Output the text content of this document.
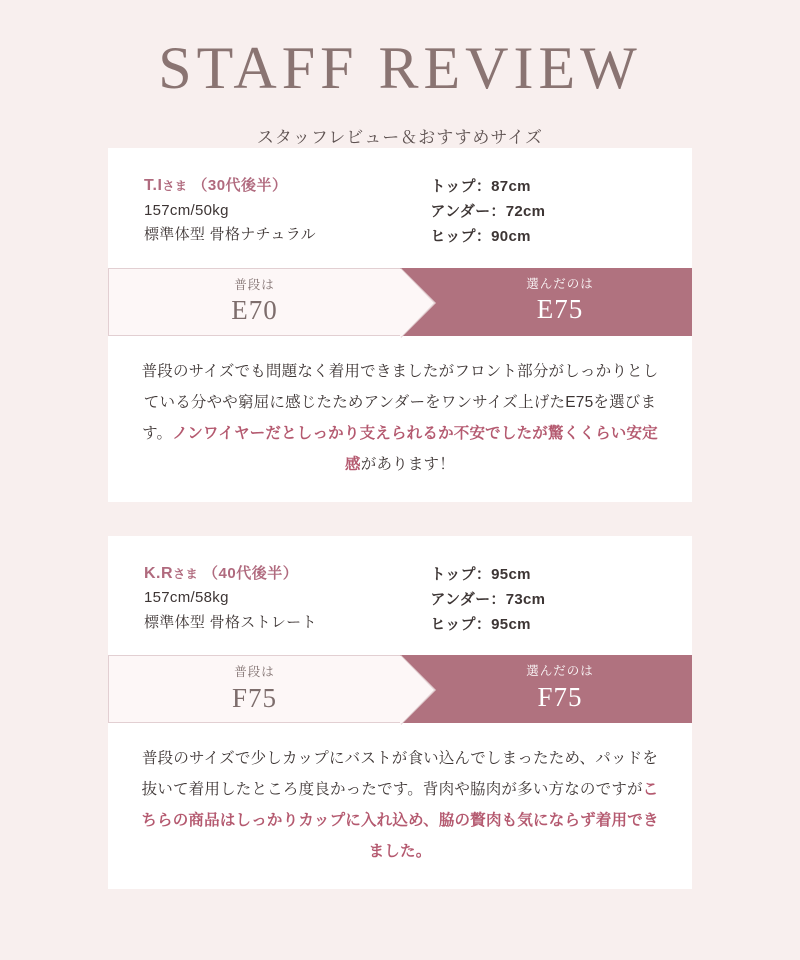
STAFF REVIEW
スタッフレビュー＆おすすめサイズ
T.Iさま （30代後半）
157cm/50kg
標準体型 骨格ナチュラル
トップ：87cm
アンダー：72cm
ヒップ：90cm
普段は
E70
選んだのは
E75
普段のサイズでも問題なく着用できましたがフロント部分がしっかりとしている分やや窮屈に感じたためアンダーをワンサイズ上げたE75を選びます。ノンワイヤーだとしっかり支えられるか不安でしたが驚くくらい安定感があります！
K.Rさま （40代後半）
157cm/58kg
標準体型 骨格ストレート
トップ：95cm
アンダー：73cm
ヒップ：95cm
普段は
F75
選んだのは
F75
普段のサイズで少しカップにバストが食い込んでしまったため、パッドを抜いて着用したところ度良かったです。背肉や脇肉が多い方なのですがこちらの商品はしっかりカップに入れ込め、脇の贅肉も気にならず着用できました。
